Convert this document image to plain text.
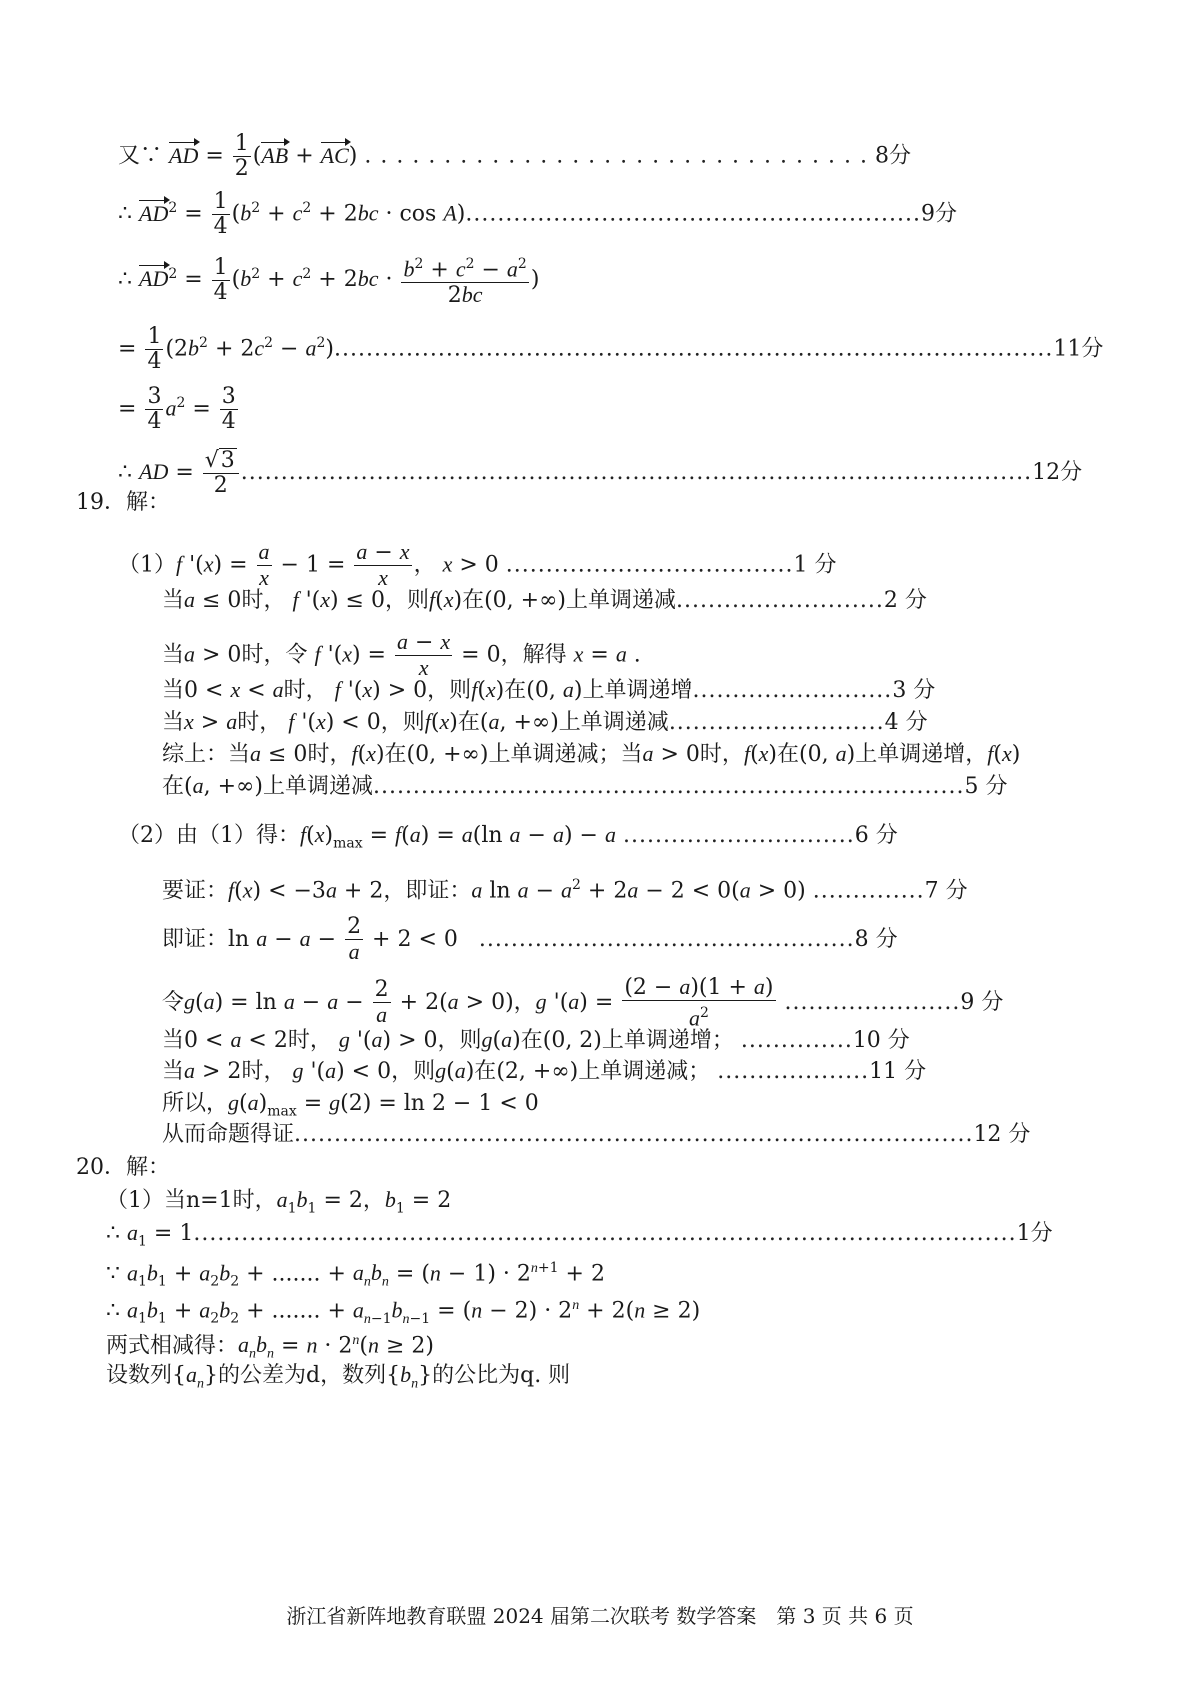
又∵ AD = $\frac{1}{2} (AB + AC)$ . . . . . . . . . . . . . . . . . . . . . . . . . . . . . . . . 8分
∴ $AD^2 = \frac{1}{4} (b^2 + c^2 + 2bc \cdot \cos A).........................................................9$分
∴ $AD^2 = \frac{1}{4} (b^2 + c^2 + 2bc \cdot \frac{b^2 + c^2 - a^2}{2bc}$ )
= $\frac{1}{4} (2b^2 + 2c^2 - a^2)..........................................................................................11$分
= $\frac{3}{4} a^2 = \frac{3}{4}$
∴ AD = $\frac{√3}{2} ...................................................................................................12$分
19．解：
（1）f '$(x) = \frac{a}{x} - 1 = \frac{a - x}{x}$ ， x > 0 ....................................1 分
当a ≤ 0时， f '(x) ≤ 0，则f(x)在(0, +∞)上单调递减..........................2 分
当a > 0时，令 f '$(x) = \frac{a - x}{x} = 0$，解得 x = a .
当0 < x < a时， f '(x) > 0，则f(x)在(0, a)上单调递增.........................3 分
当x > a时， f '(x) < 0，则f(x)在(a, +∞)上单调递减...........................4 分
综上：当a ≤ 0时，f(x)在(0, +∞)上单调递减；当a > 0时，f(x)在(0, a)上单调递增，f(x)
在(a, +∞)上单调递减..........................................................................5 分
（2）由（1）得：$f(x)_{max} = f(a) = a(\ln$ a − a) − a .............................6 分
要证：f(x) < −3a + 2，即证：a $\ln a - a^2 + 2a - 2 < 0(a > 0)$ ..............7 分
即证：$\ln a - a - \frac{2}{a} + 2 < 0$   ...............................................8 分
令$g(a) = \ln a - a - \frac{2}{a} + 2(a > 0)$，g '$(a) = \frac{(2 - a)(1 + a)}{a^2} ......................9$ 分
当0 < a < 2时， g '(a) > 0，则g(a)在(0, 2)上单调递增； ..............10 分
当a > 2时， g '(a) < 0，则g(a)在(2, +∞)上单调递减； ...................11 分
所以，$g(a)_{max} = g(2) = \ln 2 - 1 < 0$
从而命题得证.....................................................................................12 分
20．解：
（1）当n=1时，$a_1b_1 = 2$，$b_1 = 2$
∴ $a_1 = 1.......................................................................................................1$分
∵ $a_1b_1 + a_2b_2$ + ....... + $a_nb_n = (n - 1) \cdot 2^{n+1} + 2$
∴ $a_1b_1 + a_2b_2$ + ....... + $a_{n-1}b_{n-1} = (n - 2) \cdot 2^n + 2(n \ge 2)$
两式相减得：$a_nb_n = n \cdot 2^n(n \ge 2)$
设数列$\{a_n\}$的公差为d，数列$\{b_n\}$的公比为q. 则
浙江省新阵地教育联盟 2024 届第二次联考 数学答案　第 3 页 共 6 页
